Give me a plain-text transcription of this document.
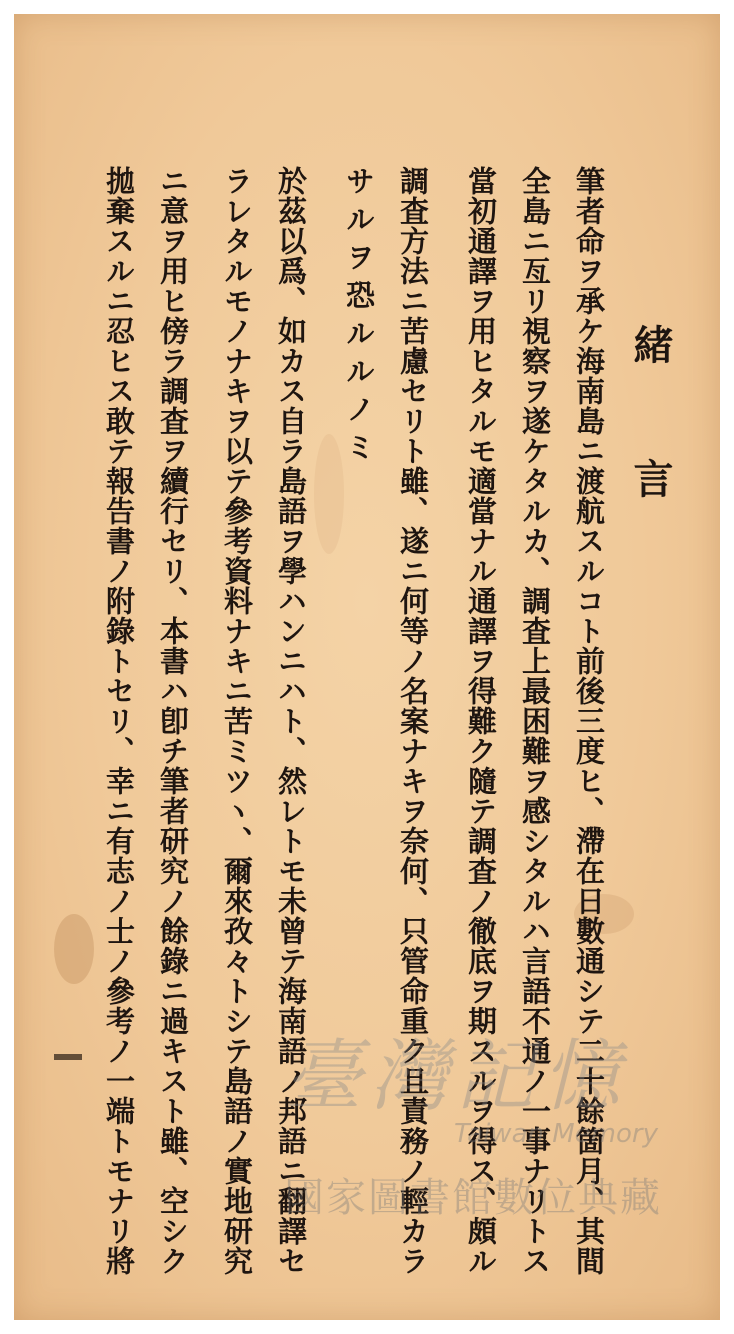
緒言
筆者命ヲ承ケ海南島ニ渡航スルコト前後三度ヒ、滯在日數通シテ二十餘箇月、其間
全島ニ亙リ視察ヲ遂ケタルカ、調査上最困難ヲ感シタルハ言語不通ノ一事ナリトス
當初通譯ヲ用ヒタルモ適當ナル通譯ヲ得難ク隨テ調査ノ徹底ヲ期スルヲ得ス、頗ル
調査方法ニ苦慮セリト雖、遂ニ何等ノ名案ナキヲ奈何、只管命重ク且責務ノ輕カラ
サルヲ恐ルルノミ
於茲以爲、如カス自ラ島語ヲ學ハンニハト、然レトモ未曾テ海南語ノ邦語ニ翻譯セ
ラレタルモノナキヲ以テ參考資料ナキニ苦ミツヽ、爾來孜々トシテ島語ノ實地研究
ニ意ヲ用ヒ傍ラ調査ヲ續行セリ、本書ハ卽チ筆者研究ノ餘錄ニ過キスト雖、空シク
拋棄スルニ忍ヒス敢テ報告書ノ附錄トセリ、幸ニ有志ノ士ノ參考ノ一端トモナリ將 臺灣記憶
Taiwan Memory
國家圖書館數位典藏
